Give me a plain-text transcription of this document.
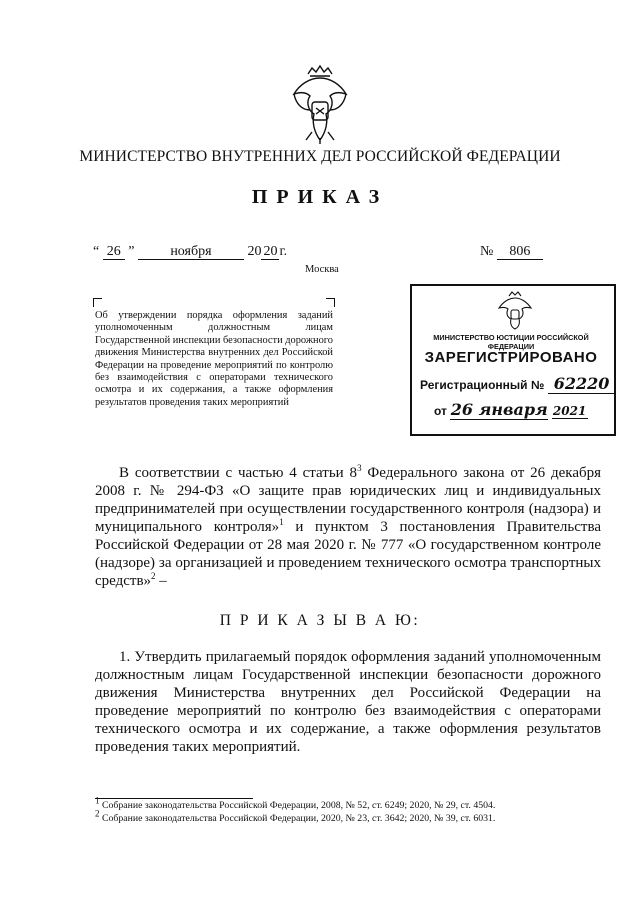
МИНИСТЕРСТВО ВНУТРЕННИХ ДЕЛ РОССИЙСКОЙ ФЕДЕРАЦИИ
ПРИКАЗ
“ 26 ”	ноября	20 20 г.	№ 806
Москва
Об утверждении порядка оформления заданий уполномоченным должностным лицам Государственной инспекции безопасности дорожного движения Министерства внутренних дел Российской Федерации на проведение мероприятий по контролю без взаимодействия с операторами технического осмотра и их содержания, а также оформления результатов проведения таких мероприятий
МИНИСТЕРСТВО ЮСТИЦИИ РОССИЙСКОЙ ФЕДЕРАЦИИ
ЗАРЕГИСТРИРОВАНО
Регистрационный № 62220
от 26 января 2021

В соответствии с частью 4 статьи $8^3$ Федерального закона от 26 декабря 2008 г. № 294-ФЗ «О защите прав юридических лиц и индивидуальных предпринимателей при осуществлении государственного контроля (надзора) и муниципального контроля»$^1$ и пунктом 3 постановления Правительства Российской Федерации от 28 мая 2020 г. № 777 «О государственном контроле (надзоре) за организацией и проведением технического осмотра транспортных средств»$^2$ –

П Р И К А З Ы В А Ю:

1. Утвердить прилагаемый порядок оформления заданий уполномоченным должностным лицам Государственной инспекции безопасности дорожного движения Министерства внутренних дел Российской Федерации на проведение мероприятий по контролю без взаимодействия с операторами технического осмотра и их содержание, а также оформления результатов проведения таких мероприятий.

$^1$ Собрание законодательства Российской Федерации, 2008, № 52, ст. 6249; 2020, № 29, ст. 4504.
$^2$ Собрание законодательства Российской Федерации, 2020, № 23, ст. 3642; 2020, № 39, ст. 6031.
